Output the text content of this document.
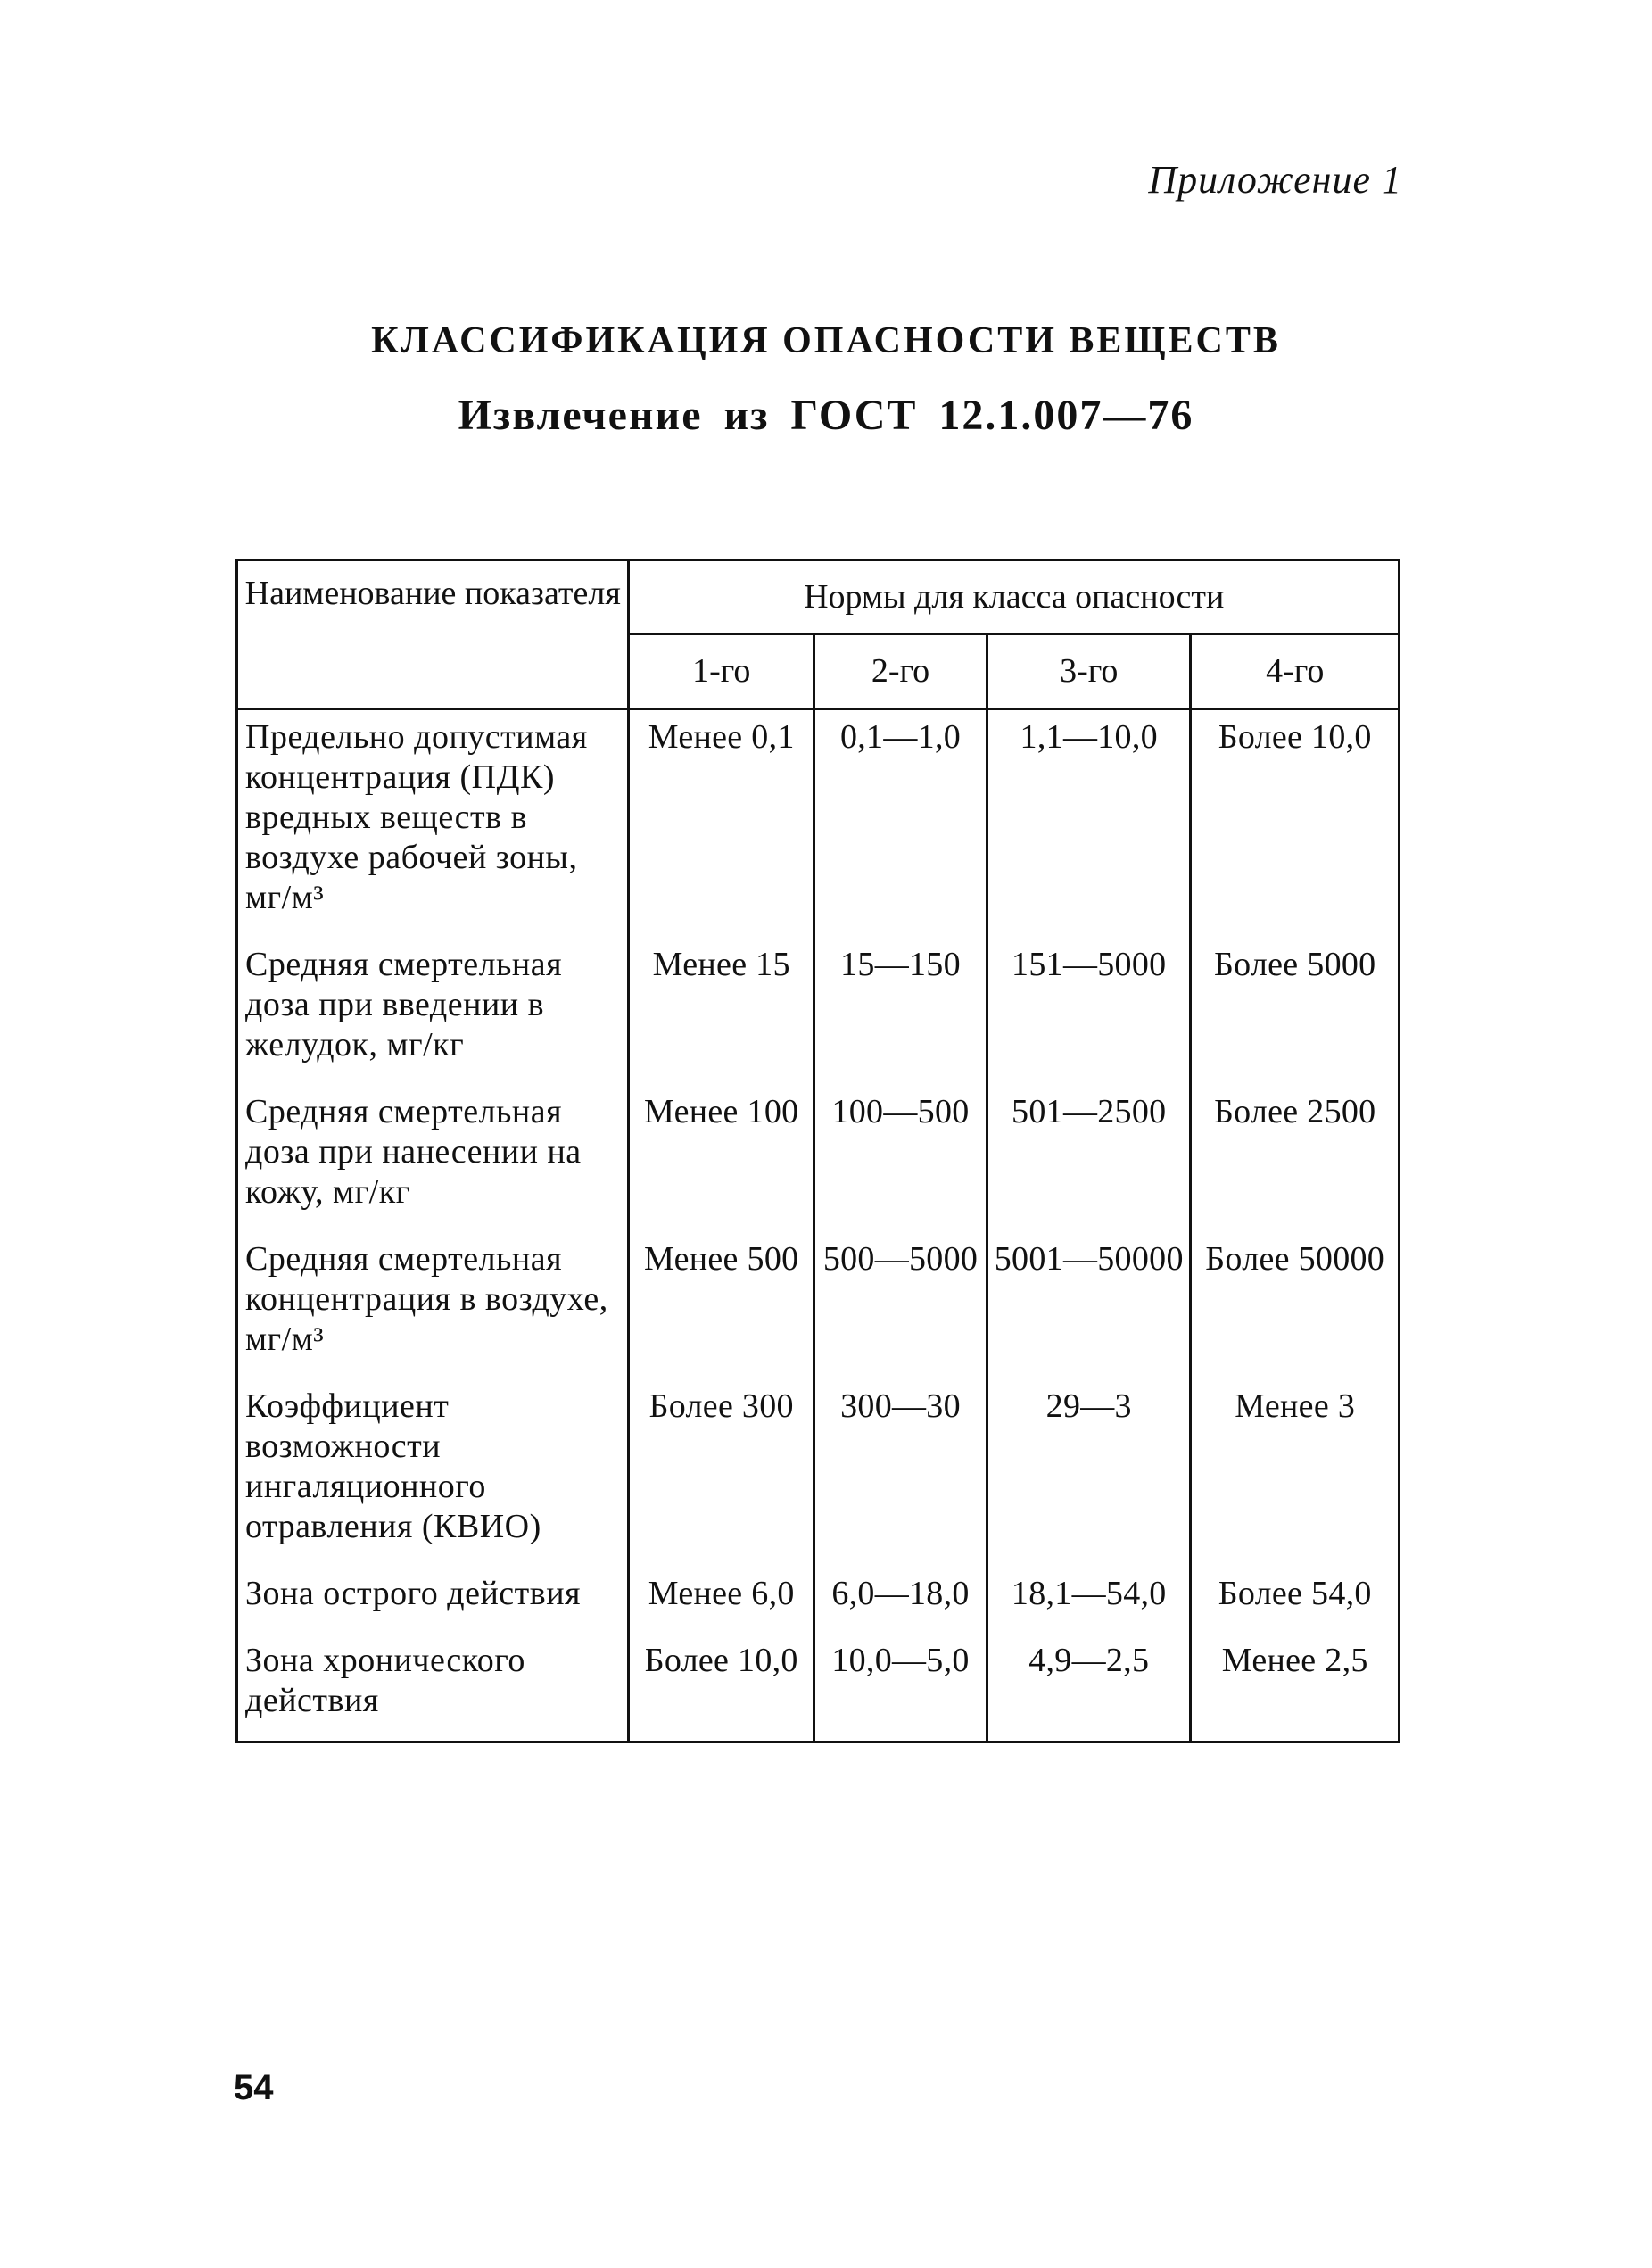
Приложение 1
КЛАССИФИКАЦИЯ ОПАСНОСТИ ВЕЩЕСТВ
Извлечение из ГОСТ 12.1.007—76
Наименование показателя	Нормы для класса опасности			
	1-го	2-го	3-го	4-го
Предельно допустимая концентрация (ПДК) вредных веществ в воздухе рабочей зоны, мг/м³	Менее 0,1	0,1—1,0	1,1—10,0	Более 10,0
Средняя смертельная доза при введении в желудок, мг/кг	Менее 15	15—150	151—5000	Более 5000
Средняя смертельная доза при нанесении на кожу, мг/кг	Менее 100	100—500	501—2500	Более 2500
Средняя смертельная концентрация в воздухе, мг/м³	Менее 500	500—5000	5001—50000	Более 50000
Коэффициент возможности ингаляционного отравления (КВИО)	Более 300	300—30	29—3	Менее 3
Зона острого действия	Менее 6,0	6,0—18,0	18,1—54,0	Более 54,0
Зона хронического действия	Более 10,0	10,0—5,0	4,9—2,5	Менее 2,5
54
